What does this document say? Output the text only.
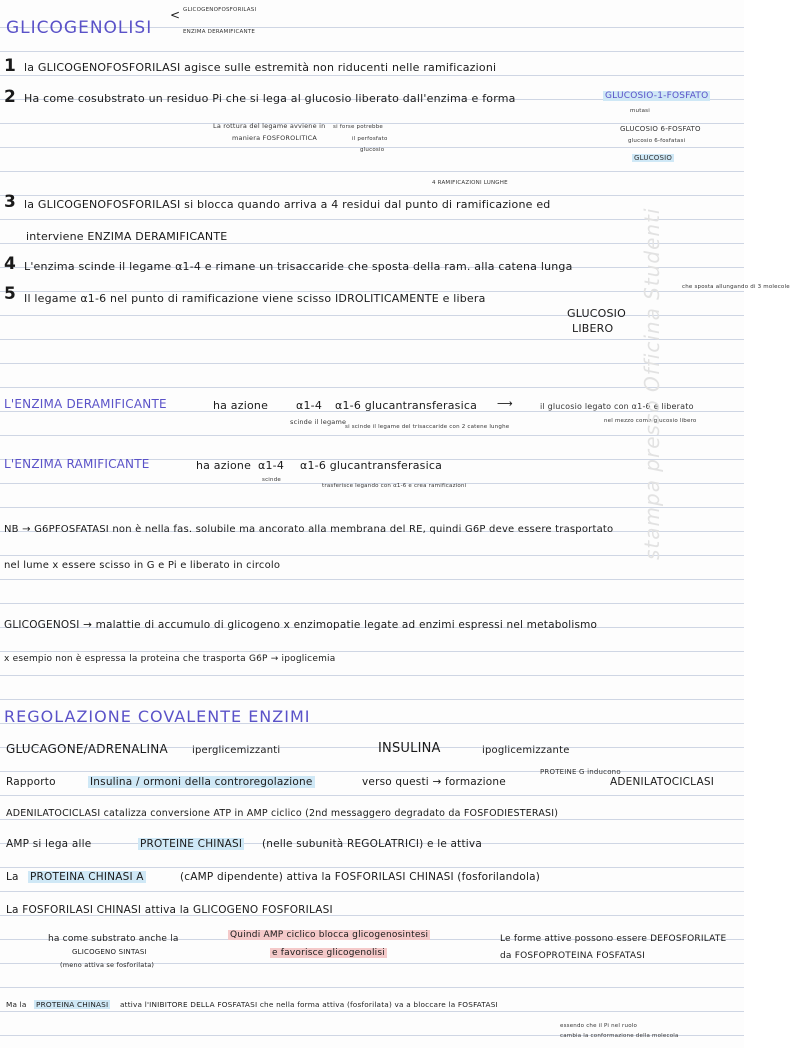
GLICOGENOLISI
GLICOGENOFOSFORILASI
ENZIMA DERAMIFICANTE
<
1 la GLICOGENOFOSFORILASI agisce sulle estremità non riducenti nelle ramificazioni
2 Ha come cosubstrato un residuo Pi che si lega al glucosio liberato dall'enzima e forma	GLUCOSIO-1-FOSFATO
mutasi
GLUCOSIO 6-FOSFATO
glucosio 6-fosfatasi
GLUCOSIO
La rottura del legame avviene in
maniera FOSFOROLITICA
si forse potrebbe
il perfosfato
glucosio
4 RAMIFICAZIONI LUNGHE
3 la GLICOGENOFOSFORILASI si blocca quando arriva a 4 residui dal punto di ramificazione ed
interviene ENZIMA DERAMIFICANTE
4 L'enzima scinde il legame α1-4 e rimane un trisaccaride che sposta della ram. alla catena lunga
che sposta allungando di 3 molecole
5 Il legame α1-6 nel punto di ramificazione viene scisso IDROLITICAMENTE e libera
GLUCOSIO
LIBERO
L'ENZIMA DERAMIFICANTE	ha azione	α1-4 α1-6 glucantransferasica
scinde il legame
si scinde il legame del trisaccaride con 2 catene lunghe
⟶	il glucosio legato con α1-6 è liberato
nel mezzo come glucosio libero
L'ENZIMA RAMIFICANTE	ha azione α1-4 α1-6 glucantransferasica
scinde
trasferisce legando con α1-6 e crea ramificazioni
NB → G6PFOSFATASI non è nella fas. solubile ma ancorato alla membrana del RE, quindi G6P deve essere trasportato
nel lume x essere scisso in G e Pi e liberato in circolo
GLICOGENOSI → malattie di accumulo di glicogeno x enzimopatie legate ad enzimi espressi nel metabolismo
x esempio non è espressa la proteina che trasporta G6P → ipoglicemia
REGOLAZIONE COVALENTE ENZIMI
GLUCAGONE/ADRENALINA iperglicemizzanti	INSULINA	ipoglicemizzante
PROTEINE G inducono
Rapporto	Insulina / ormoni della controregolazione	verso questi → formazione	ADENILATOCICLASI
ADENILATOCICLASI catalizza conversione ATP in AMP ciclico (2nd messaggero degradato da FOSFODIESTERASI)
AMP si lega alle	PROTEINE CHINASI (nelle subunità REGOLATRICI) e le attiva
La PROTEINA CHINASI A	(cAMP dipendente) attiva la FOSFORILASI CHINASI (fosforilandola)
La FOSFORILASI CHINASI attiva la GLICOGENO FOSFORILASI
ha come substrato anche la
GLICOGENO SINTASI
(meno attiva se fosforilata)
Quindi AMP ciclico blocca glicogenosintesi
e favorisce glicogenolisi
Le forme attive possono essere DEFOSFORILATE
da FOSFOPROTEINA FOSFATASI
Ma la PROTEINA CHINASI attiva l'INIBITORE DELLA FOSFATASI che nella forma attiva (fosforilata) va a bloccare la FOSFATASI
essendo che il Pi nel ruolo
cambia la conformazione della molecola
stampa presso Officina Studenti
